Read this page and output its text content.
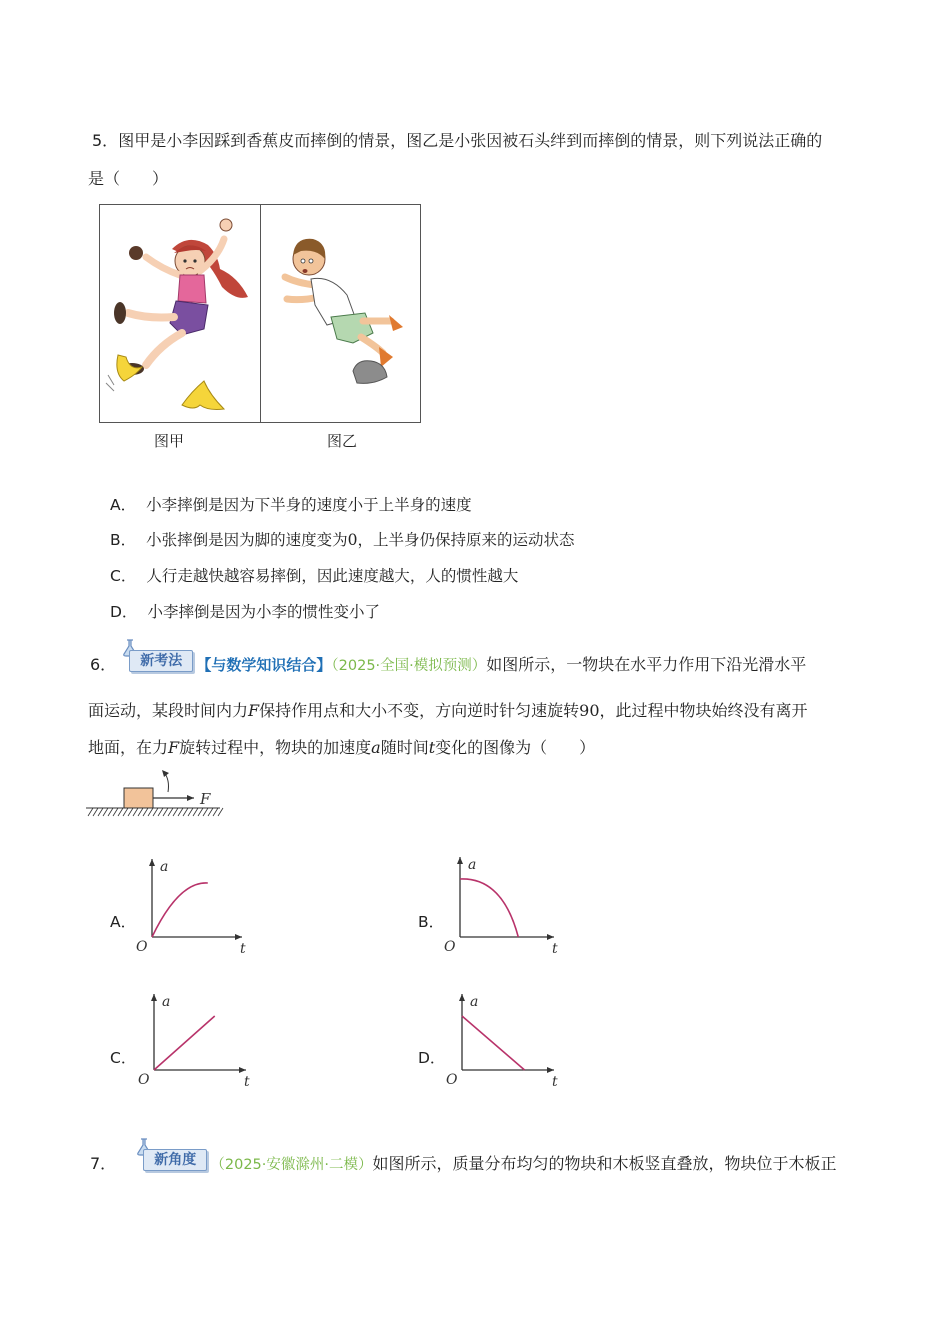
5．图甲是小李因踩到香蕉皮而摔倒的情景，图乙是小张因被石头绊到而摔倒的情景，则下列说法正确的
是（　　）
图甲	图乙
A． 小李摔倒是因为下半身的速度小于上半身的速度
B． 小张摔倒是因为脚的速度变为0，上半身仍保持原来的运动状态
C． 人行走越快越容易摔倒，因此速度越大，人的惯性越大
D． 小李摔倒是因为小李的惯性变小了
6．	新考法 【与数学知识结合】（2025·全国·模拟预测）如图所示，一物块在水平力作用下沿光滑水平
面运动，某段时间内力F保持作用点和大小不变，方向逆时针匀速旋转90，此过程中物块始终没有离开
地面，在力F旋转过程中，物块的加速度a随时间t变化的图像为（　　）
F
A．	B．
C．	D．
a
t
O
a
t
O
a
t
O
a
t
O
7．	新角度 （2025·安徽滁州·二模）如图所示，质量分布均匀的物块和木板竖直叠放，物块位于木板正
